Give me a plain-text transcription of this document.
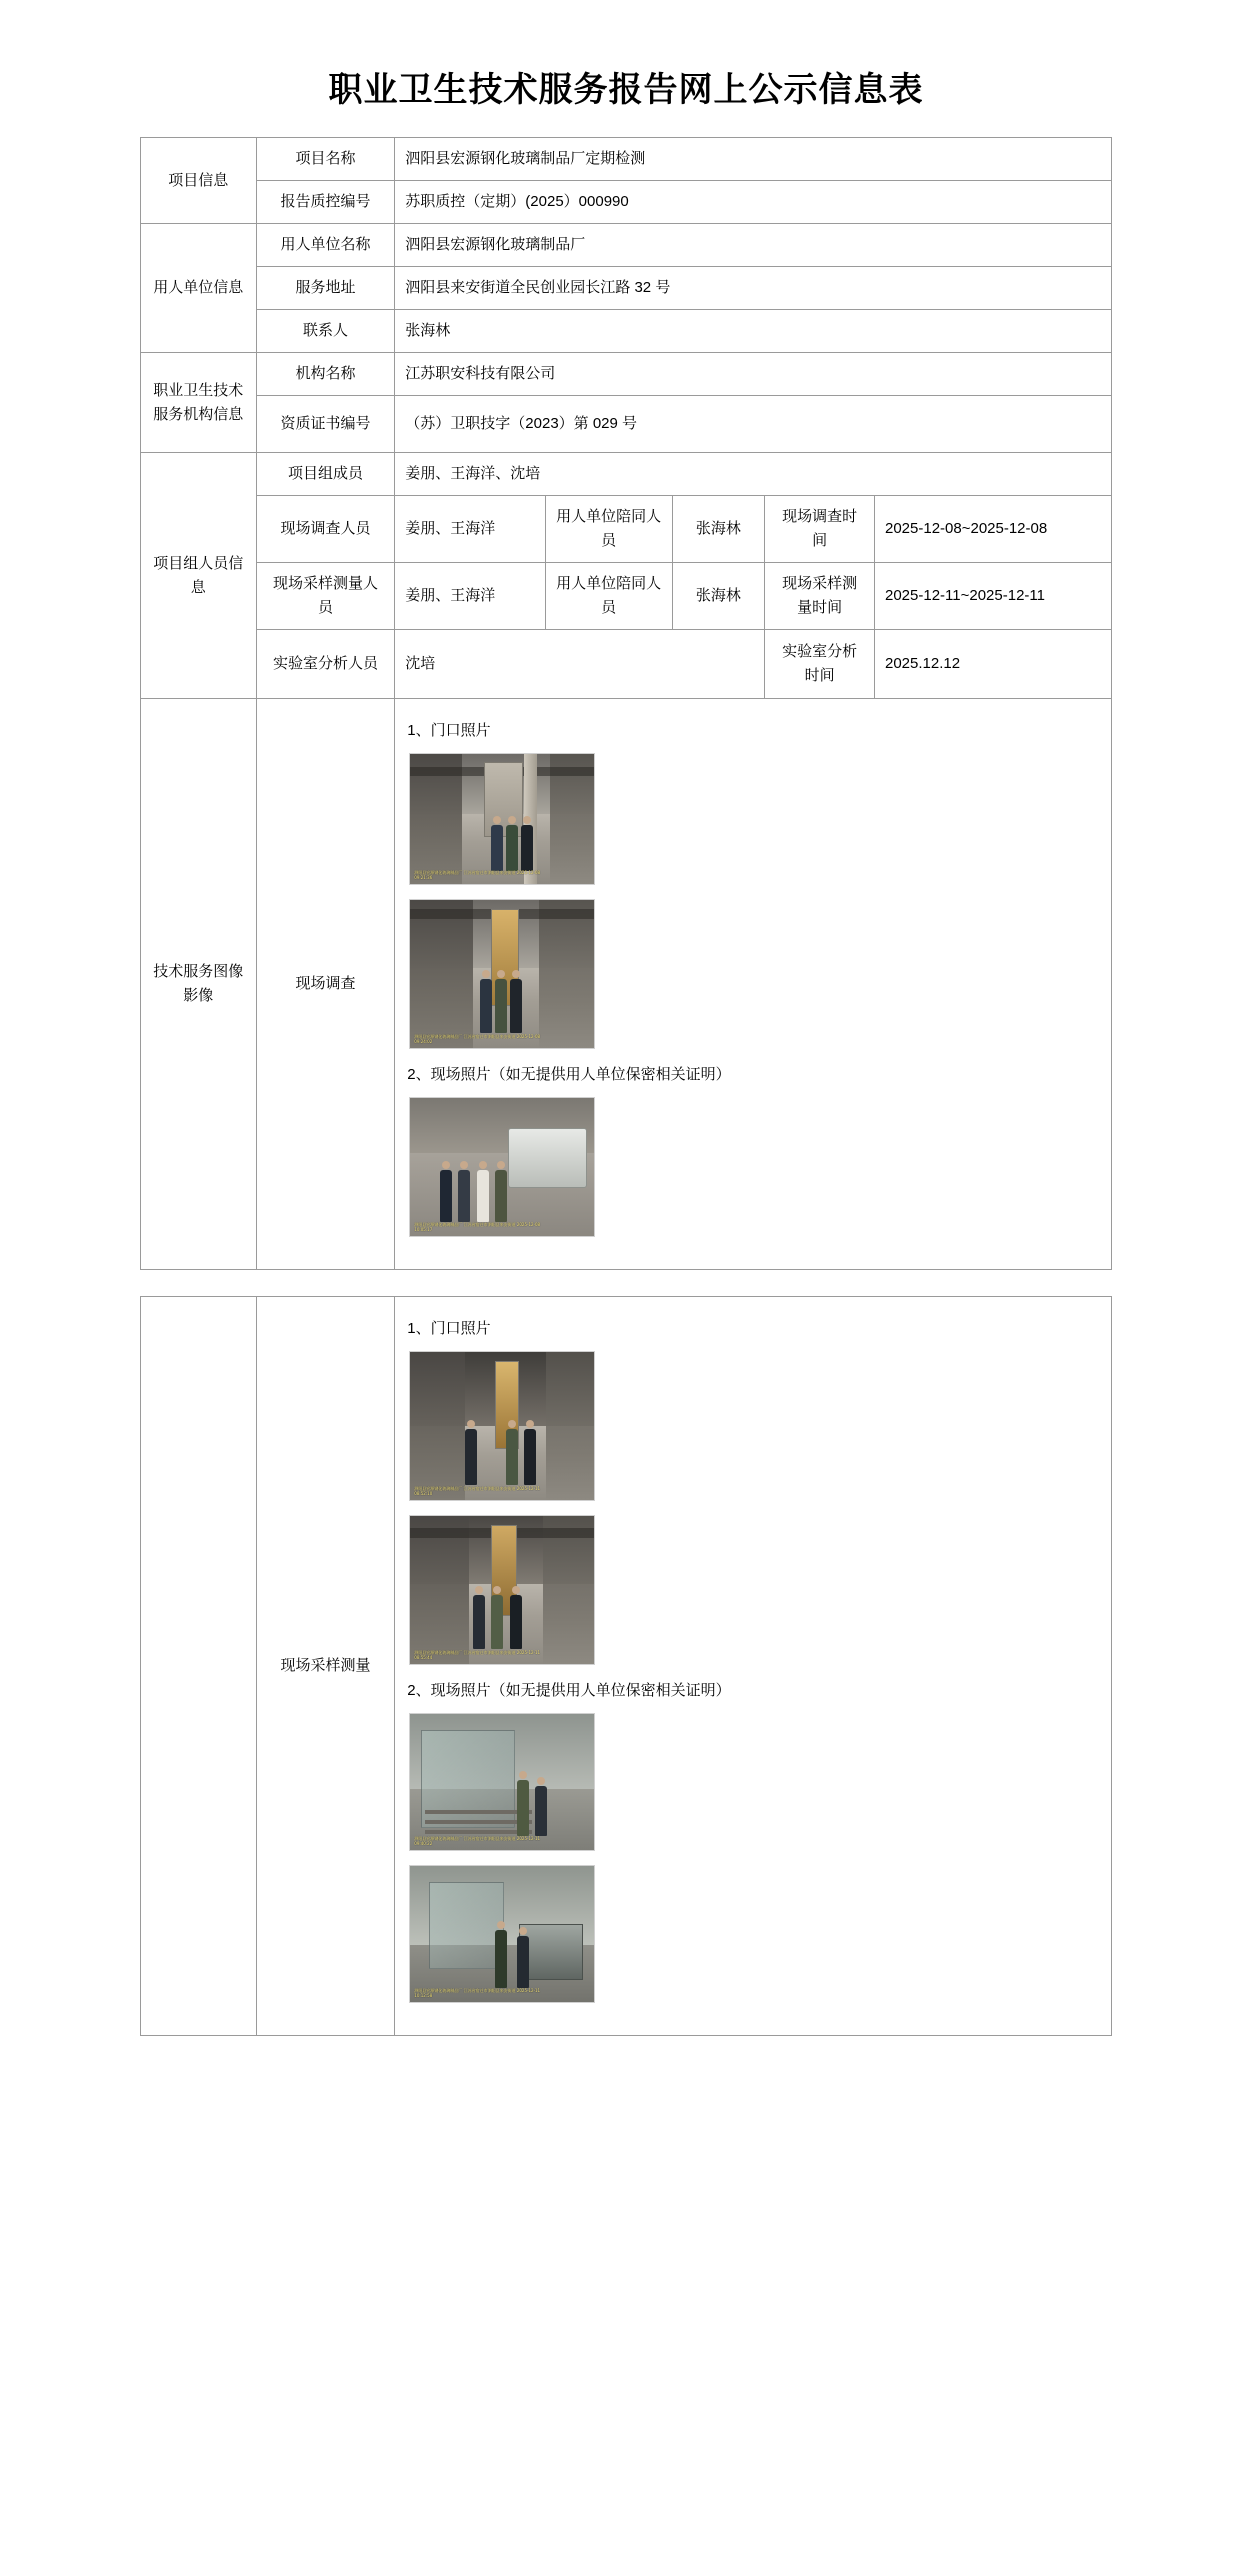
职业卫生技术服务报告网上公示信息表
项目信息	项目名称	泗阳县宏源钢化玻璃制品厂定期检测				
	报告质控编号	苏职质控（定期）(2025）000990				
用人单位信息	用人单位名称	泗阳县宏源钢化玻璃制品厂				
	服务地址	泗阳县来安街道全民创业园长江路 32 号				
	联系人	张海林				
职业卫生技术服务机构信息	机构名称	江苏职安科技有限公司				
	资质证书编号	（苏）卫职技字（2023）第 029 号				
项目组人员信息	项目组成员	姜朋、王海洋、沈培				
	现场调查人员	姜朋、王海洋	用人单位陪同人员	张海林	现场调查时间	2025-12-08~2025-12-08
	现场采样测量人员	姜朋、王海洋	用人单位陪同人员	张海林	现场采样测量时间	2025-12-11~2025-12-11
	实验室分析人员	沈培			实验室分析时间	2025.12.12
技术服务图像影像	现场调查	1、门口照片
泗阳县宏源钢化玻璃制品厂 江苏省宿迁市泗阳县来安街道 2025-12-08 09:21:36
泗阳县宏源钢化玻璃制品厂 江苏省宿迁市泗阳县来安街道 2025-12-08 09:24:02
2、现场照片（如无提供用人单位保密相关证明）
泗阳县宏源钢化玻璃制品厂 江苏省宿迁市泗阳县来安街道 2025-12-08 10:05:17				
	现场采样测量	
1、门口照片
泗阳县宏源钢化玻璃制品厂 江苏省宿迁市泗阳县来安街道 2025-12-11 08:52:10
泗阳县宏源钢化玻璃制品厂 江苏省宿迁市泗阳县来安街道 2025-12-11 08:55:44
2、现场照片（如无提供用人单位保密相关证明）
泗阳县宏源钢化玻璃制品厂 江苏省宿迁市泗阳县来安街道 2025-12-11 09:40:22
泗阳县宏源钢化玻璃制品厂 江苏省宿迁市泗阳县来安街道 2025-12-11 10:12:58
